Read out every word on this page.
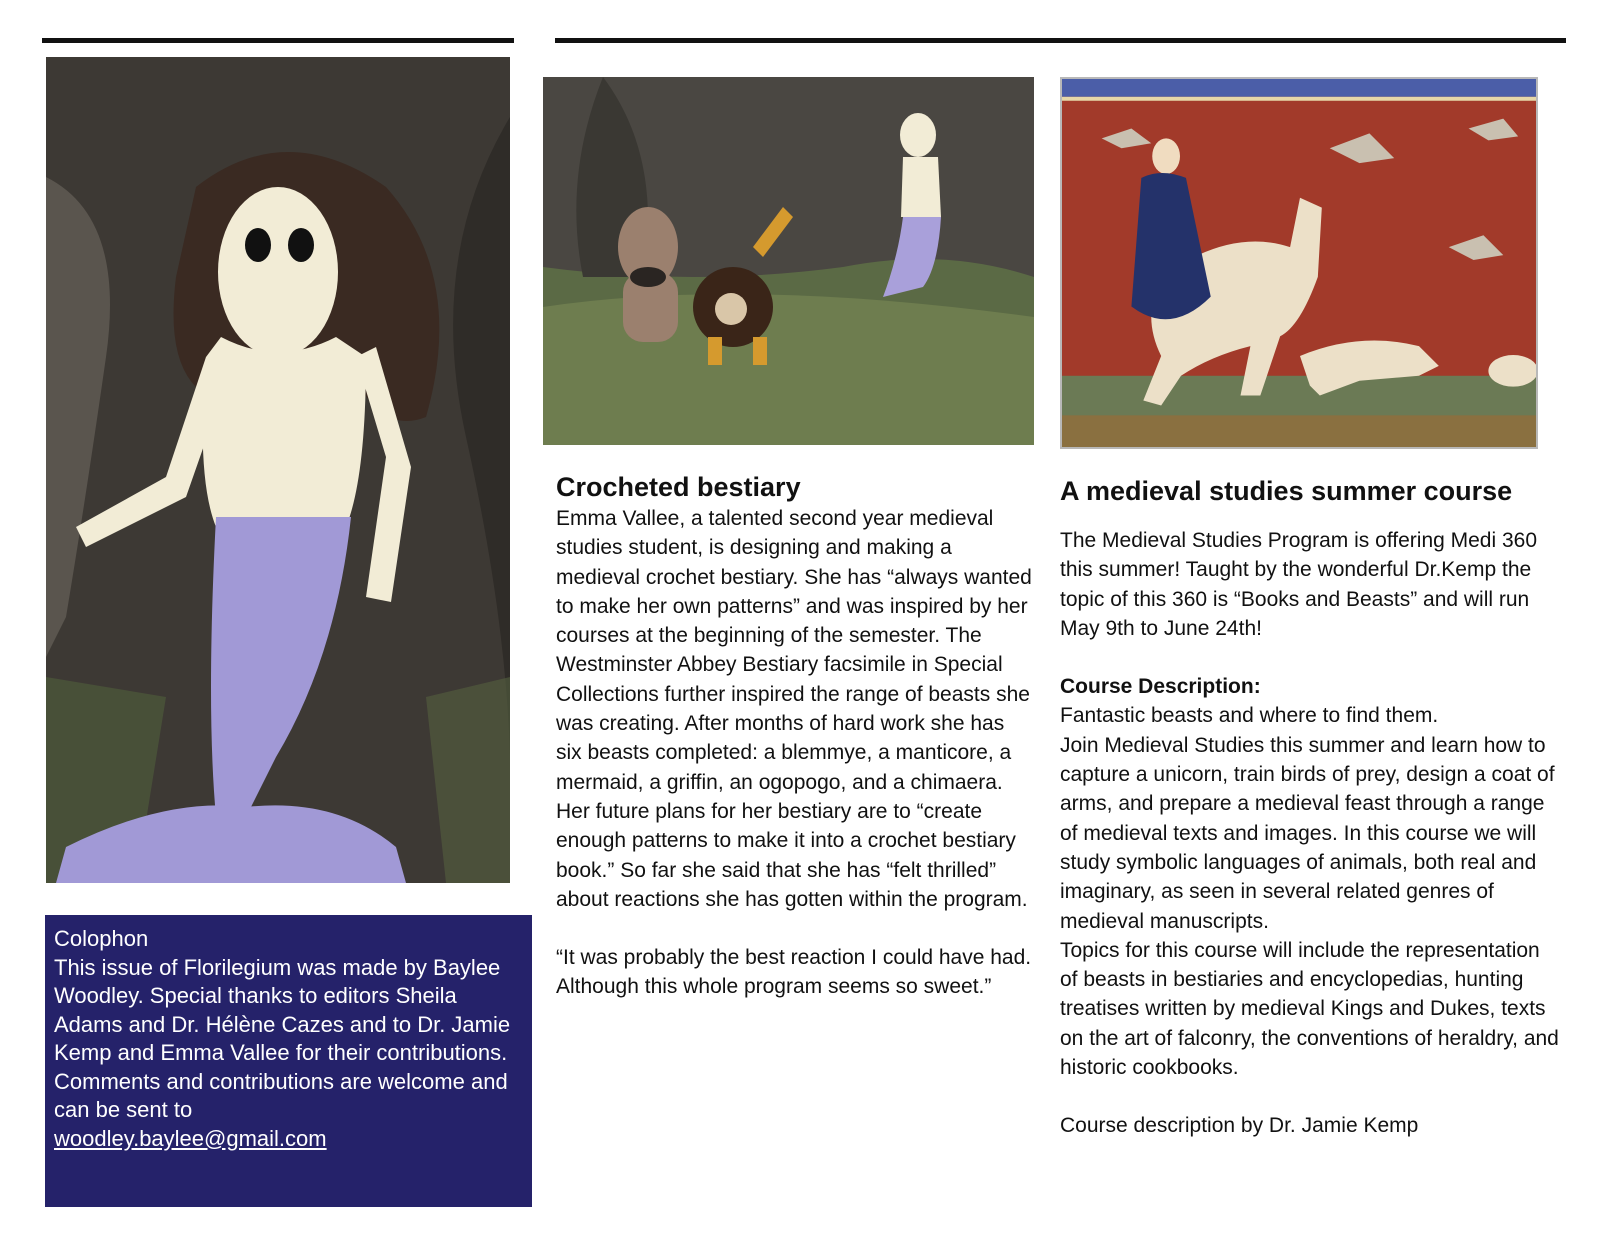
Colophon
This issue of Florilegium was made by Baylee Woodley. Special thanks to editors Sheila Adams and Dr. Hélène Cazes and to Dr. Jamie Kemp and Emma Vallee for their contributions.
Comments and contributions are welcome and can be sent to
woodley.baylee@gmail.com
Crocheted bestiary
Emma Vallee, a talented second year medieval studies student, is designing and making a medieval crochet bestiary. She has “always wanted to make her own patterns” and was inspired by her courses at the beginning of the semester. The Westminster Abbey Bestiary facsimile in Special Collections further inspired the range of beasts she was creating. After months of hard work she has six beasts completed: a blemmye, a manticore, a mermaid, a griffin, an ogopogo, and a chimaera.
Her future plans for her bestiary are to “create enough patterns to make it into a crochet bestiary book.” So far she said that she has “felt thrilled” about reactions she has gotten within the program.
“It was probably the best reaction I could have had. Although this whole program seems so sweet.”
A medieval studies summer course
The Medieval Studies Program is offering Medi 360 this summer! Taught by the wonderful Dr.Kemp the topic of this 360 is “Books and Beasts” and will run May 9th to June 24th!
Course Description:
Fantastic beasts and where to find them.
Join Medieval Studies this summer and learn how to capture a unicorn, train birds of prey, design a coat of arms, and prepare a medieval feast through a range of medieval texts and images. In this course we will study symbolic languages of animals, both real and imaginary, as seen in several related genres of medieval manuscripts.
Topics for this course will include the representation of beasts in bestiaries and encyclopedias, hunting treatises written by medieval Kings and Dukes, texts on the art of falconry, the conventions of heraldry, and historic cookbooks.
Course description by Dr. Jamie Kemp
